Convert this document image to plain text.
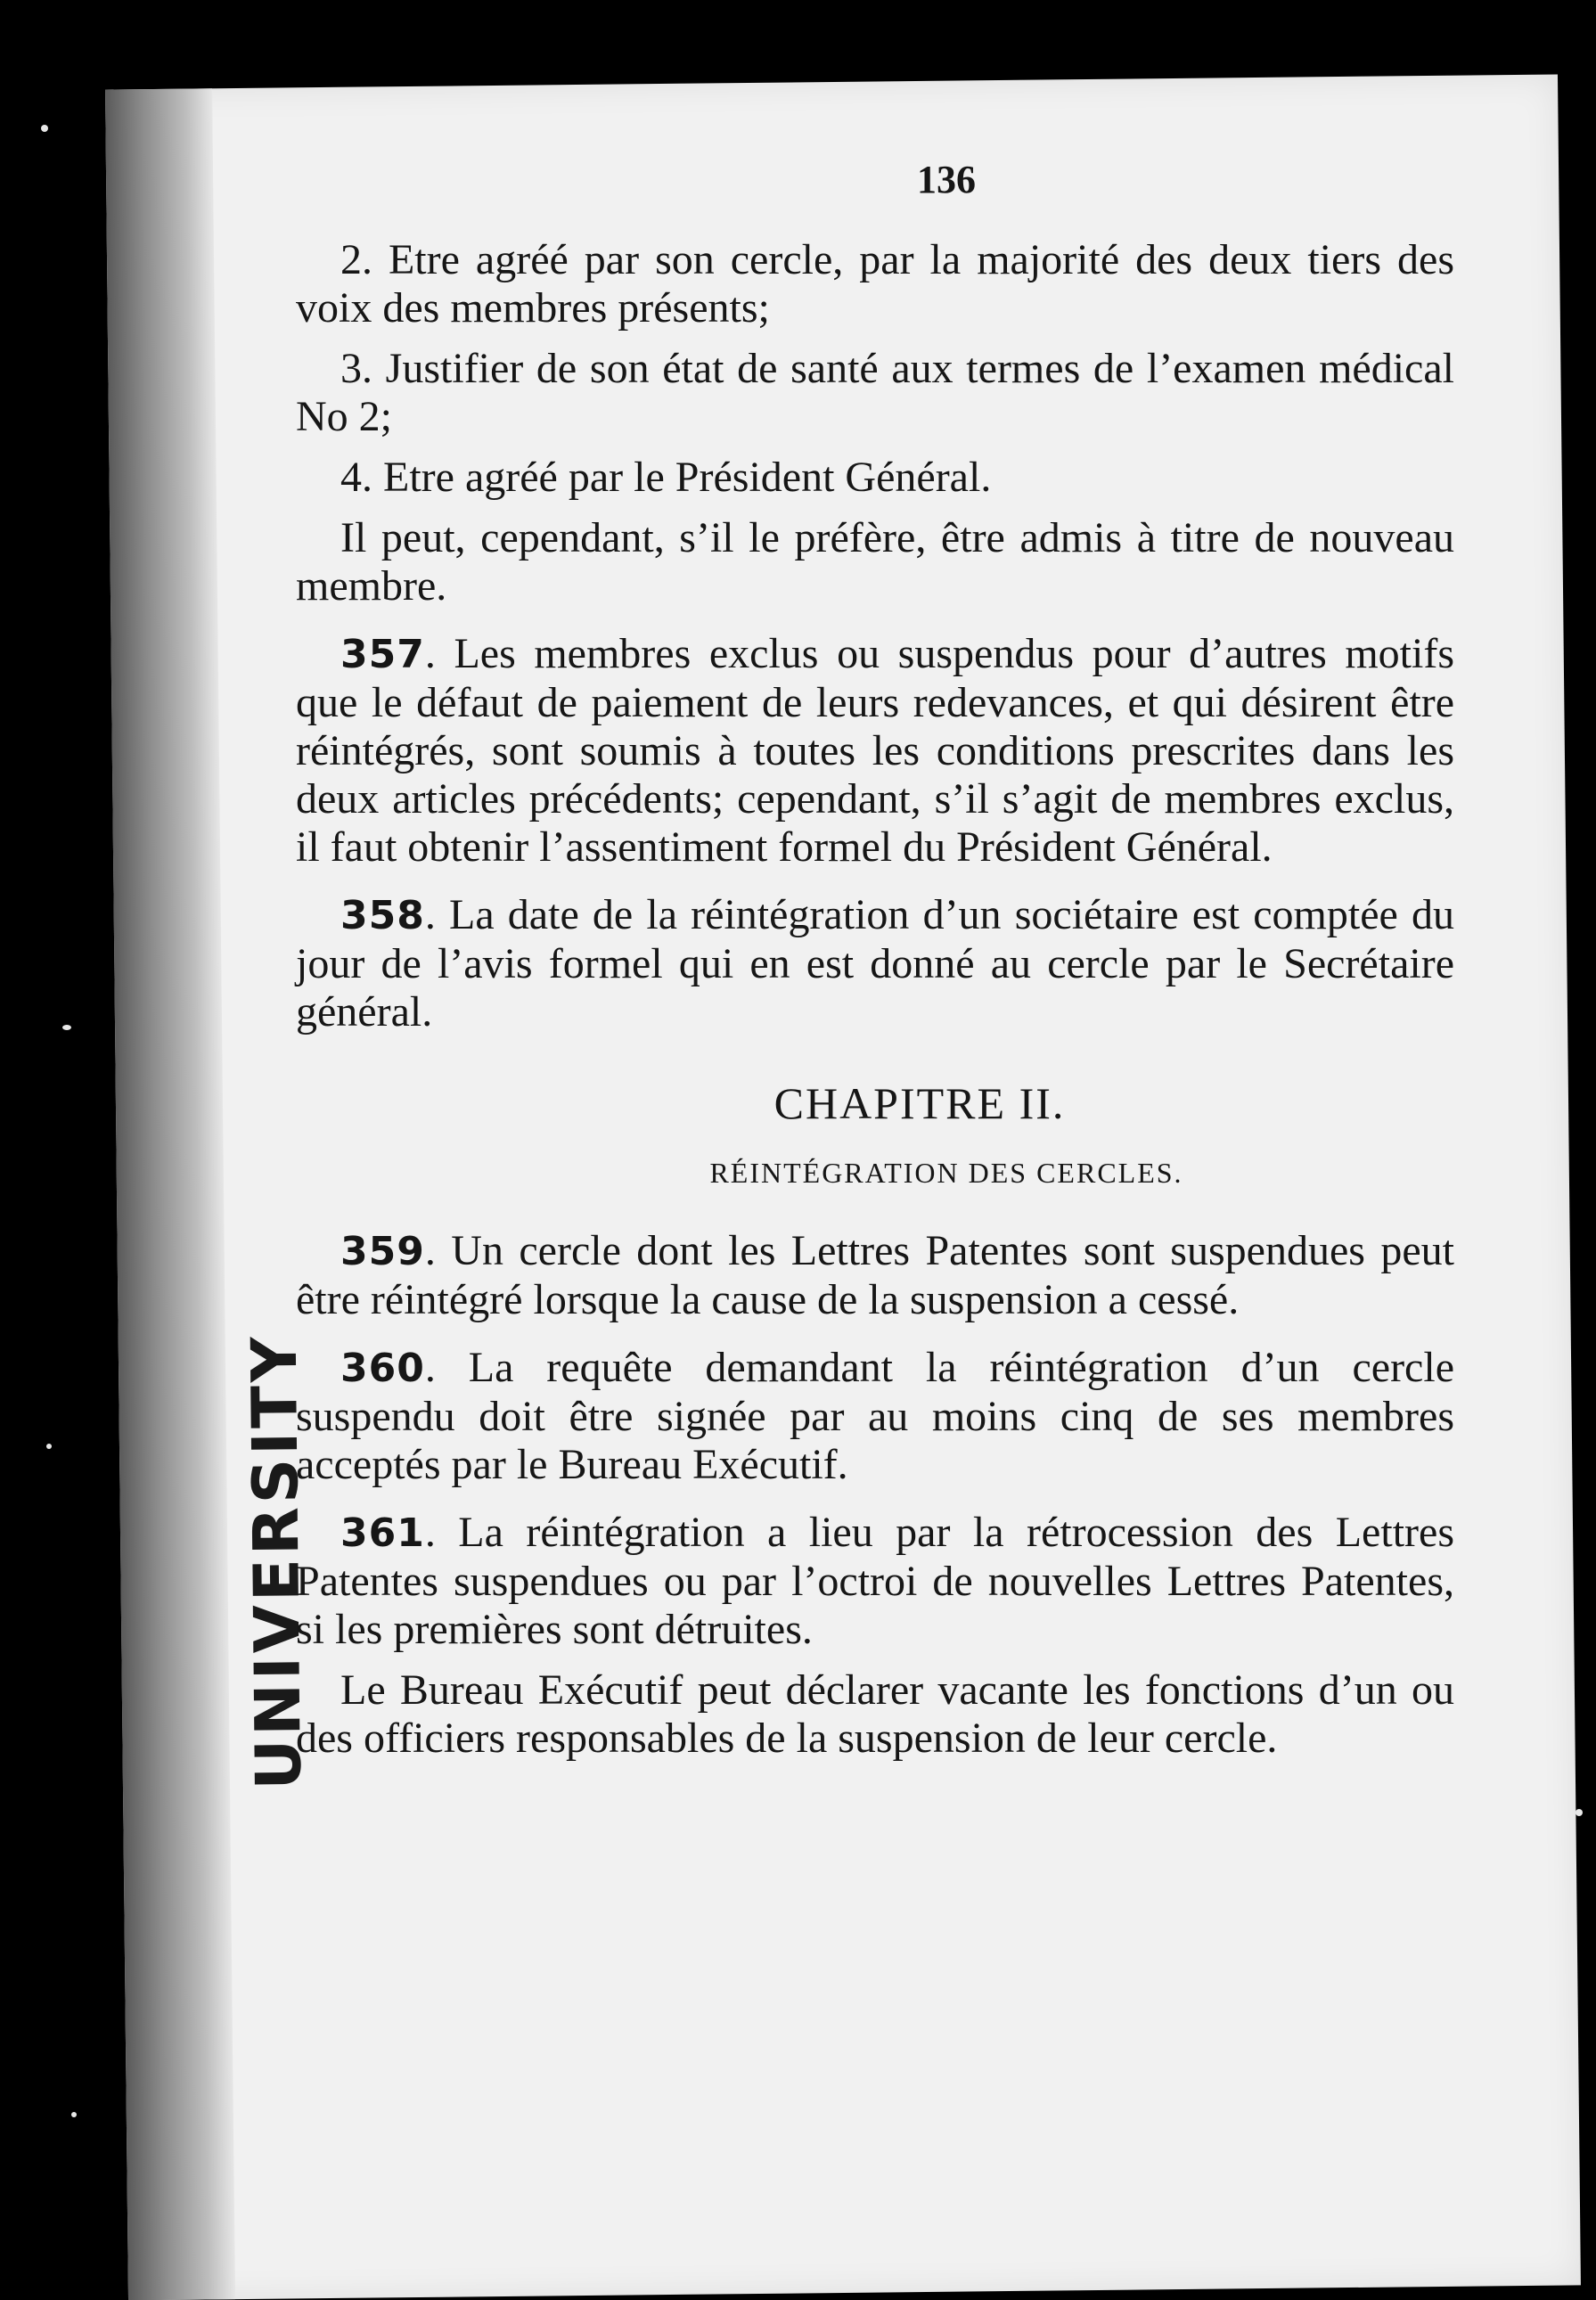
UNIVERSITY
136

2. Etre agréé par son cercle, par la majorité des deux tiers des voix des membres présents;

3. Justifier de son état de santé aux termes de l’examen médical No 2;

4. Etre agréé par le Président Général.

Il peut, cependant, s’il le préfère, être admis à titre de nouveau membre.

357. Les membres exclus ou suspendus pour d’autres motifs que le défaut de paiement de leurs redevances, et qui désirent être réintégrés, sont soumis à toutes les conditions prescrites dans les deux articles précédents; cependant, s’il s’agit de membres exclus, il faut obtenir l’assentiment formel du Président Général.

358. La date de la réintégration d’un sociétaire est comptée du jour de l’avis formel qui en est donné au cercle par le Secrétaire général.

CHAPITRE II.
RÉINTÉGRATION DES CERCLES.

359. Un cercle dont les Lettres Patentes sont suspendues peut être réintégré lorsque la cause de la suspension a cessé.

360. La requête demandant la réintégration d’un cercle suspendu doit être signée par au moins cinq de ses membres acceptés par le Bureau Exécutif.

361. La réintégration a lieu par la rétrocession des Lettres Patentes suspendues ou par l’octroi de nouvelles Lettres Patentes, si les premières sont détruites.

Le Bureau Exécutif peut déclarer vacante les fonctions d’un ou des officiers responsables de la suspension de leur cercle.
